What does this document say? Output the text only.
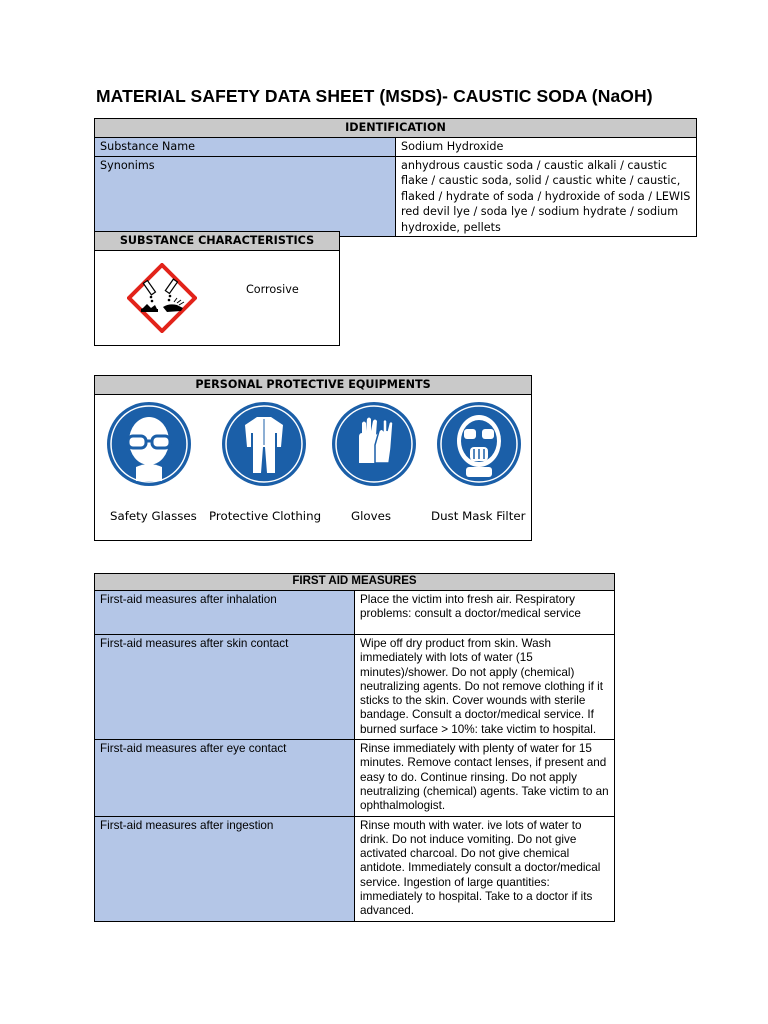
MATERIAL SAFETY DATA SHEET (MSDS)- CAUSTIC SODA (NaOH)
IDENTIFICATION	
Substance Name	Sodium Hydroxide
Synonims	anhydrous caustic soda / caustic alkali / caustic flake / caustic soda, solid / caustic white / caustic, flaked / hydrate of soda / hydroxide of soda / LEWIS red devil lye / soda lye / sodium hydrate / sodium hydroxide, pellets
SUBSTANCE CHARACTERISTICS

Corrosive
PERSONAL PROTECTIVE EQUIPMENTS

Safety Glasses Protective Clothing	Gloves	Dust Mask Filter
FIRST AID MEASURES	
First-aid measures after inhalation	Place the victim into fresh air. Respiratory problems: consult a doctor/medical service
First-aid measures after skin contact	Wipe off dry product from skin. Wash immediately with lots of water (15 minutes)/shower. Do not apply (chemical) neutralizing agents. Do not remove clothing if it sticks to the skin. Cover wounds with sterile bandage. Consult a doctor/medical service. If burned surface > 10%: take victim to hospital.
First-aid measures after eye contact	Rinse immediately with plenty of water for 15 minutes. Remove contact lenses, if present and easy to do. Continue rinsing. Do not apply neutralizing (chemical) agents. Take victim to an ophthalmologist.
First-aid measures after ingestion	Rinse mouth with water. ive lots of water to drink. Do not induce vomiting. Do not give activated charcoal. Do not give chemical antidote. Immediately consult a doctor/medical service. Ingestion of large quantities: immediately to hospital. Take to a doctor if its advanced.
